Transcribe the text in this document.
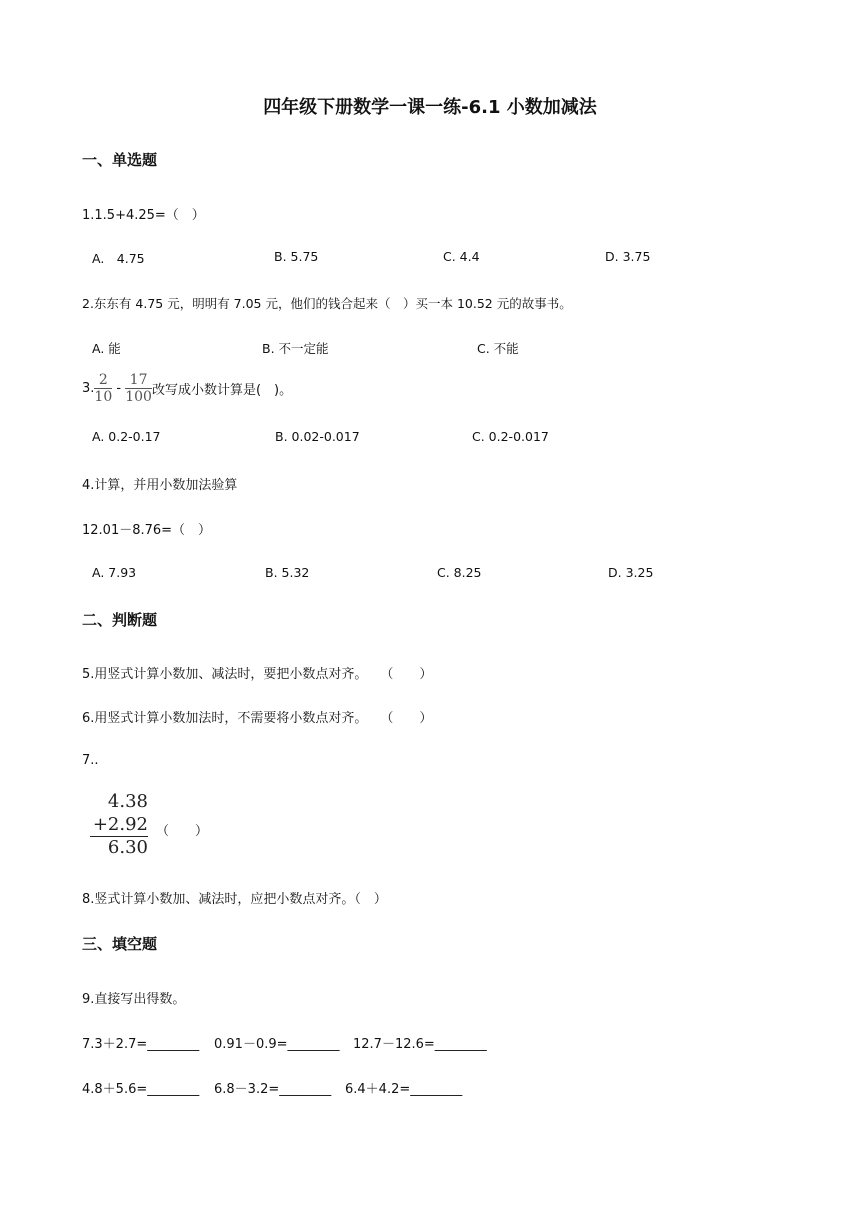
四年级下册数学一课一练-6.1 小数加减法
一、单选题
1.1.5+4.25=（　）
A.　4.75	B. 5.75	C. 4.4	D. 3.75
2.东东有 4.75 元，明明有 7.05 元，他们的钱合起来（　）买一本 10.52 元的故事书。
A. 能	B. 不一定能	C. 不能
3. $\frac{2}{10} - \frac{17}{100}$ 改写成小数计算是(　)。
A. 0.2-0.17	B. 0.02-0.017	C. 0.2-0.017
4.计算，并用小数加法验算
12.01－8.76=（　）
A. 7.93	B. 5.32	C. 8.25	D. 3.25
二、判断题
5.用竖式计算小数加、减法时，要把小数点对齐。　　（　　）
6.用竖式计算小数加法时，不需要将小数点对齐。　　（　　）
7..
4.38
+2.92
6.30
（　　）
8.竖式计算小数加、减法时，应把小数点对齐。（　）
三、填空题
9.直接写出得数。
7.3＋2.7=________ 0.91－0.9=________ 12.7－12.6=________
4.8＋5.6=________ 6.8－3.2=________ 6.4＋4.2=________
